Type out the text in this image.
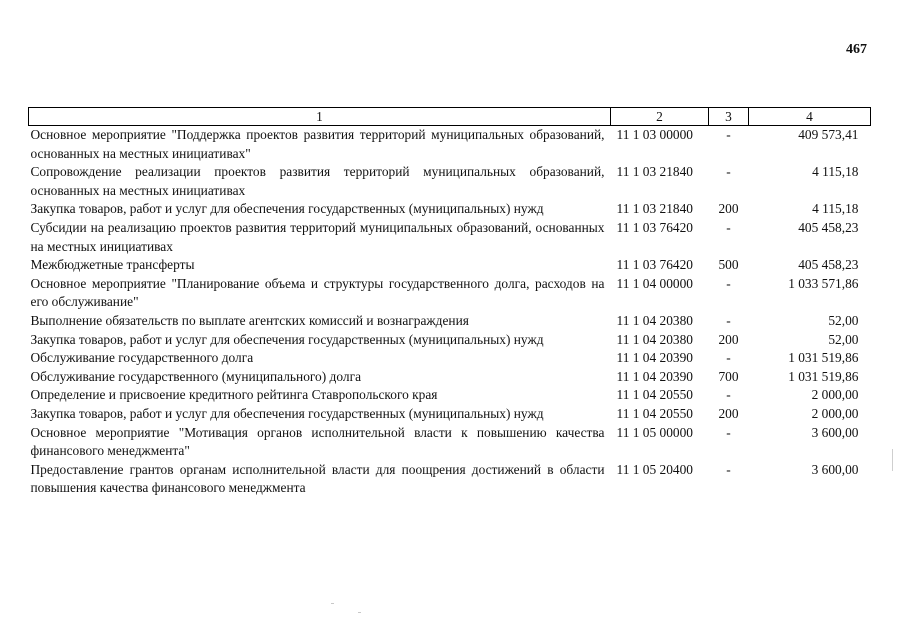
467
1	2	3	4
Основное мероприятие "Поддержка проектов развития территорий муниципальных образований, основанных на местных инициативах"	11 1 03 00000	-	409 573,41
Сопровождение реализации проектов развития территорий муниципальных образований, основанных на местных инициативах	11 1 03 21840	-	4 115,18
Закупка товаров, работ и услуг для обеспечения государственных (муниципальных) нужд	11 1 03 21840	200	4 115,18
Субсидии на реализацию проектов развития территорий муниципальных образований, основанных на местных инициативах	11 1 03 76420	-	405 458,23
Межбюджетные трансферты	11 1 03 76420	500	405 458,23
Основное мероприятие "Планирование объема и структуры государственного долга, расходов на его обслуживание"	11 1 04 00000	-	1 033 571,86
Выполнение обязательств по выплате агентских комиссий и вознаграждения	11 1 04 20380	-	52,00
Закупка товаров, работ и услуг для обеспечения государственных (муниципальных) нужд	11 1 04 20380	200	52,00
Обслуживание государственного долга	11 1 04 20390	-	1 031 519,86
Обслуживание государственного (муниципального) долга	11 1 04 20390	700	1 031 519,86
Определение и присвоение кредитного рейтинга Ставропольского края	11 1 04 20550	-	2 000,00
Закупка товаров, работ и услуг для обеспечения государственных (муниципальных) нужд	11 1 04 20550	200	2 000,00
Основное мероприятие "Мотивация органов исполнительной власти к повышению качества финансового менеджмента"	11 1 05 00000	-	3 600,00
Предоставление грантов органам исполнительной власти для поощрения достижений в области повышения качества финансового менеджмента	11 1 05 20400	-	3 600,00
